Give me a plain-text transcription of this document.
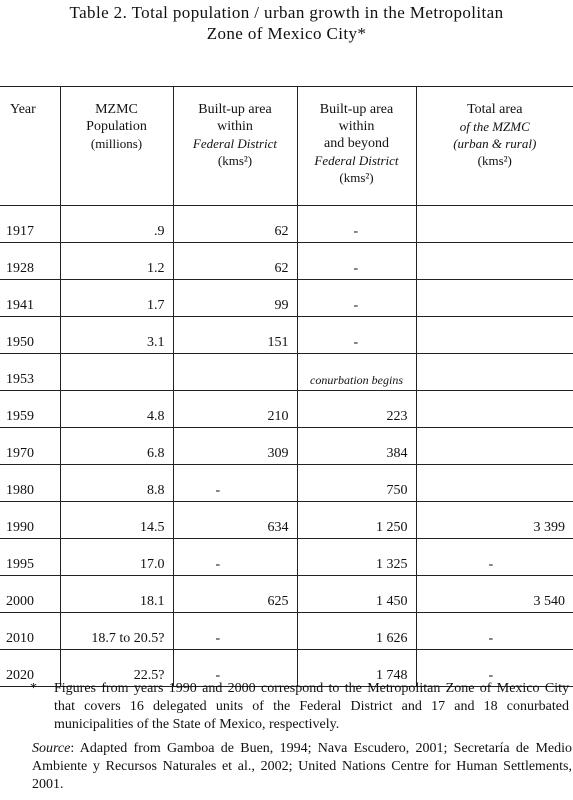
Table 2. Total population / urban growth in the Metropolitan
Zone of Mexico City*
Year	MZMC
Population
(millions)	Built-up area
within
Federal District
(kms²)	Built-up area
within
and beyond
Federal District
(kms²)	Total area
of the MZMC
(urban & rural)
(kms²)

1917	.9	62	-	
1928	1.2	62	-	
1941	1.7	99	-	
1950	3.1	151	-	
1953			conurbation begins	

1959	4.8	210	223	
1970	6.8	309	384	
1980	8.8	-	750	
1990	14.5	634	1 250	3 399
1995	17.0	-	1 325	-
2000	18.1	625	1 450	3 540
2010	18.7 to 20.5?	-	1 626	-
2020	22.5?	-	1 748	-
* Figures from years 1990 and 2000 correspond to the Metropolitan Zone of Mexico City that covers 16 delegated units of the Federal District and 17 and 18 conurbated municipalities of the State of Mexico, respectively.
Source: Adapted from Gamboa de Buen, 1994; Nava Escudero, 2001; Secretaría de Medio Ambiente y Recursos Naturales et al., 2002; United Nations Centre for Human Settlements, 2001.
